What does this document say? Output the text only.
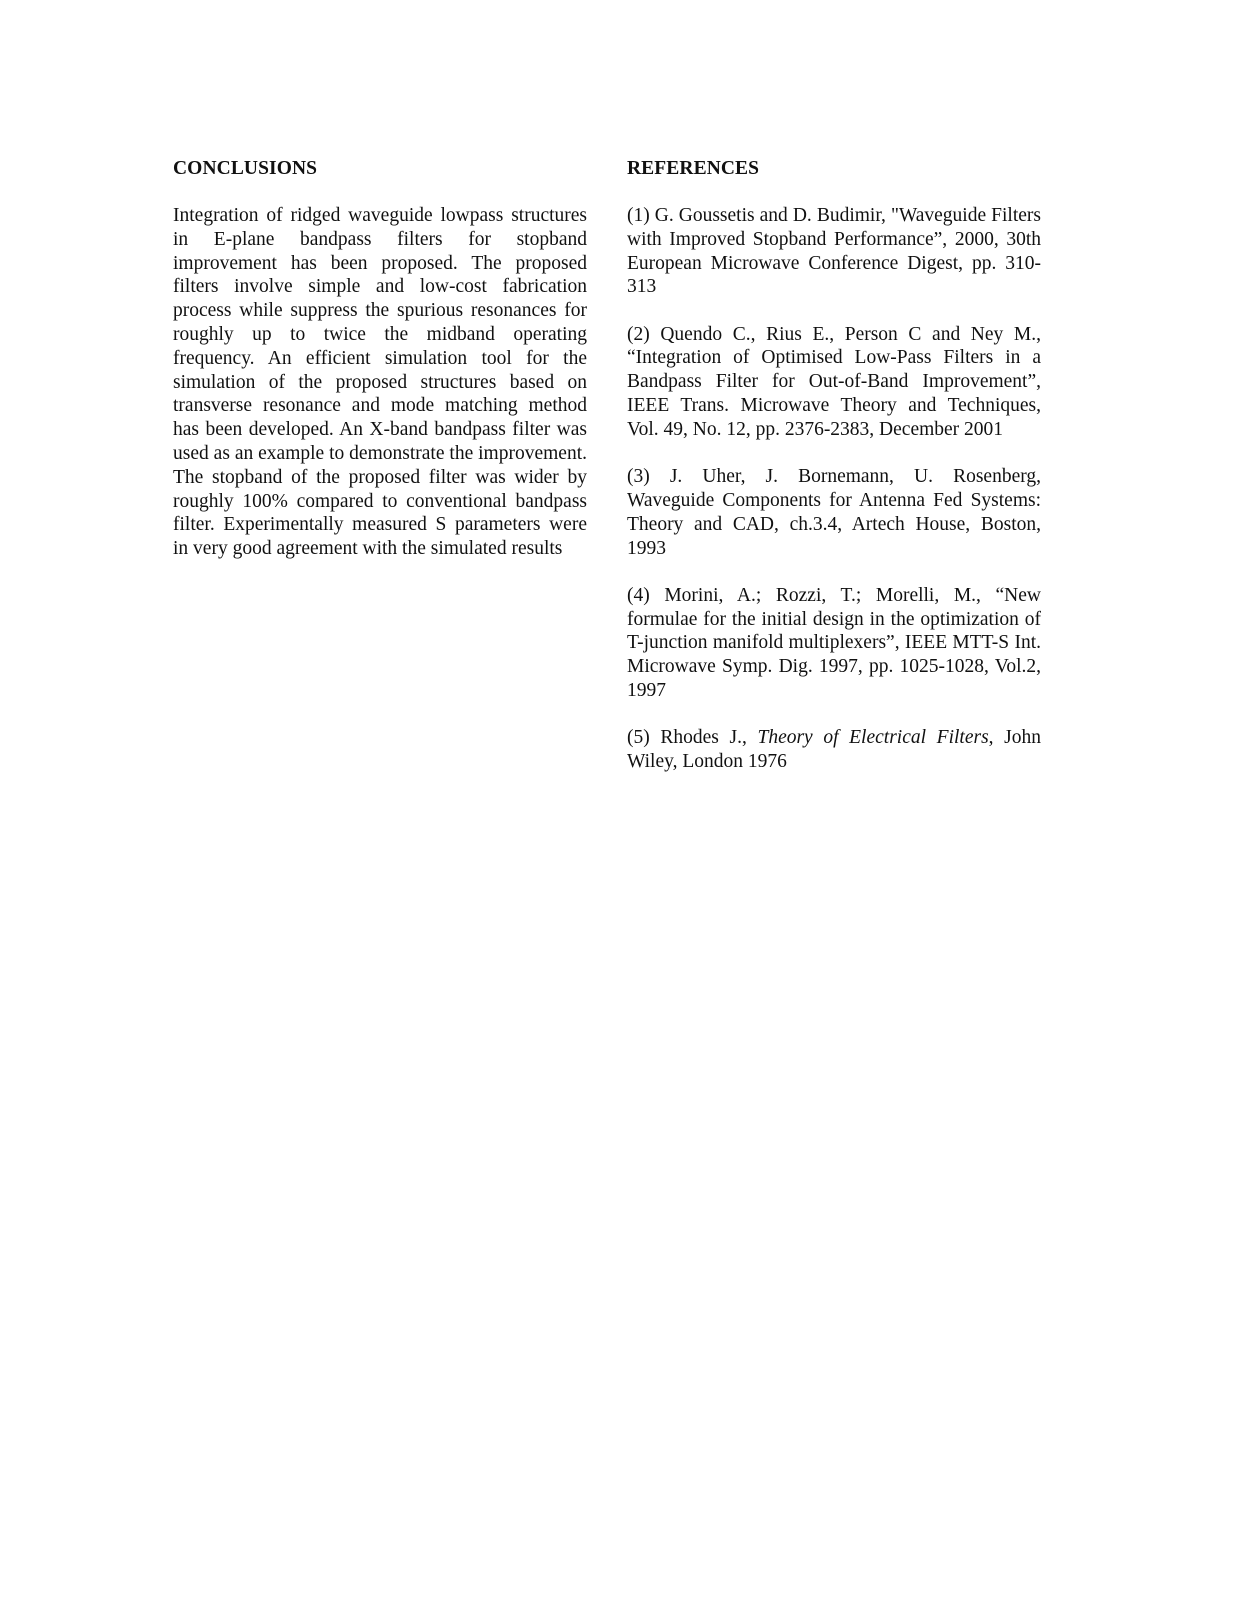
CONCLUSIONS

Integration of ridged waveguide lowpass structures in E-plane bandpass filters for stopband improvement has been proposed. The proposed filters involve simple and low-cost fabrication process while suppress the spurious resonances for roughly up to twice the midband operating frequency. An efficient simulation tool for the simulation of the proposed structures based on transverse resonance and mode matching method has been developed. An X-band bandpass filter was used as an example to demonstrate the improvement. The stopband of the proposed filter was wider by roughly 100% compared to conventional bandpass filter. Experimentally measured S parameters were in very good agreement with the simulated results

REFERENCES

(1) G. Goussetis and D. Budimir, "Waveguide Filters with Improved Stopband Performance”, 2000, 30th European Microwave Conference Digest, pp. 310-313

(2) Quendo C., Rius E., Person C and Ney M., “Integration of Optimised Low-Pass Filters in a Bandpass Filter for Out-of-Band Improvement”, IEEE Trans. Microwave Theory and Techniques, Vol. 49, No. 12, pp. 2376-2383, December 2001

(3) J. Uher, J. Bornemann, U. Rosenberg, Waveguide Components for Antenna Fed Systems: Theory and CAD, ch.3.4, Artech House, Boston, 1993

(4) Morini, A.; Rozzi, T.; Morelli, M., “New formulae for the initial design in the optimization of T-junction manifold multiplexers”, IEEE MTT-S Int. Microwave Symp. Dig. 1997, pp. 1025-1028, Vol.2, 1997

(5) Rhodes J., Theory of Electrical Filters, John Wiley, London 1976
